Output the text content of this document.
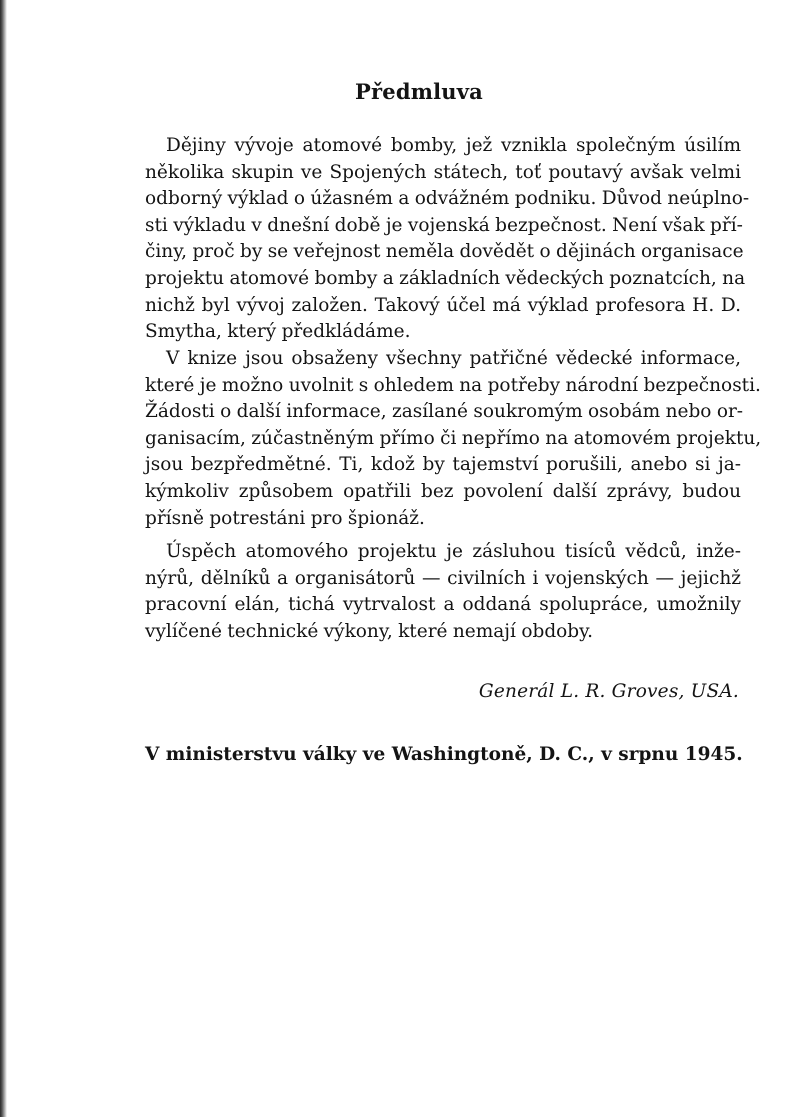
Předmluva
Dějiny vývoje atomové bomby, jež vznikla společným úsilím
několika skupin ve Spojených státech, toť poutavý avšak velmi
odborný výklad o úžasném a odvážném podniku. Důvod neúplno-
sti výkladu v dnešní době je vojenská bezpečnost. Není však pří-
činy, proč by se veřejnost neměla dovědět o dějinách organisace
projektu atomové bomby a základních vědeckých poznatcích, na
nichž byl vývoj založen. Takový účel má výklad profesora H. D.
Smytha, který předkládáme.
V knize jsou obsaženy všechny patřičné vědecké informace,
které je možno uvolnit s ohledem na potřeby národní bezpečnosti.
Žádosti o další informace, zasílané soukromým osobám nebo or-
ganisacím, zúčastněným přímo či nepřímo na atomovém projektu,
jsou bezpředmětné. Ti, kdož by tajemství porušili, anebo si ja-
kýmkoliv způsobem opatřili bez povolení další zprávy, budou
přísně potrestáni pro špionáž.
Úspěch atomového projektu je zásluhou tisíců vědců, inže-
nýrů, dělníků a organisátorů — civilních i vojenských — jejichž
pracovní elán, tichá vytrvalost a oddaná spolupráce, umožnily
vylíčené technické výkony, které nemají obdoby.
Generál L. R. Groves, USA.
V ministerstvu války ve Washingtoně, D. C., v srpnu 1945.
